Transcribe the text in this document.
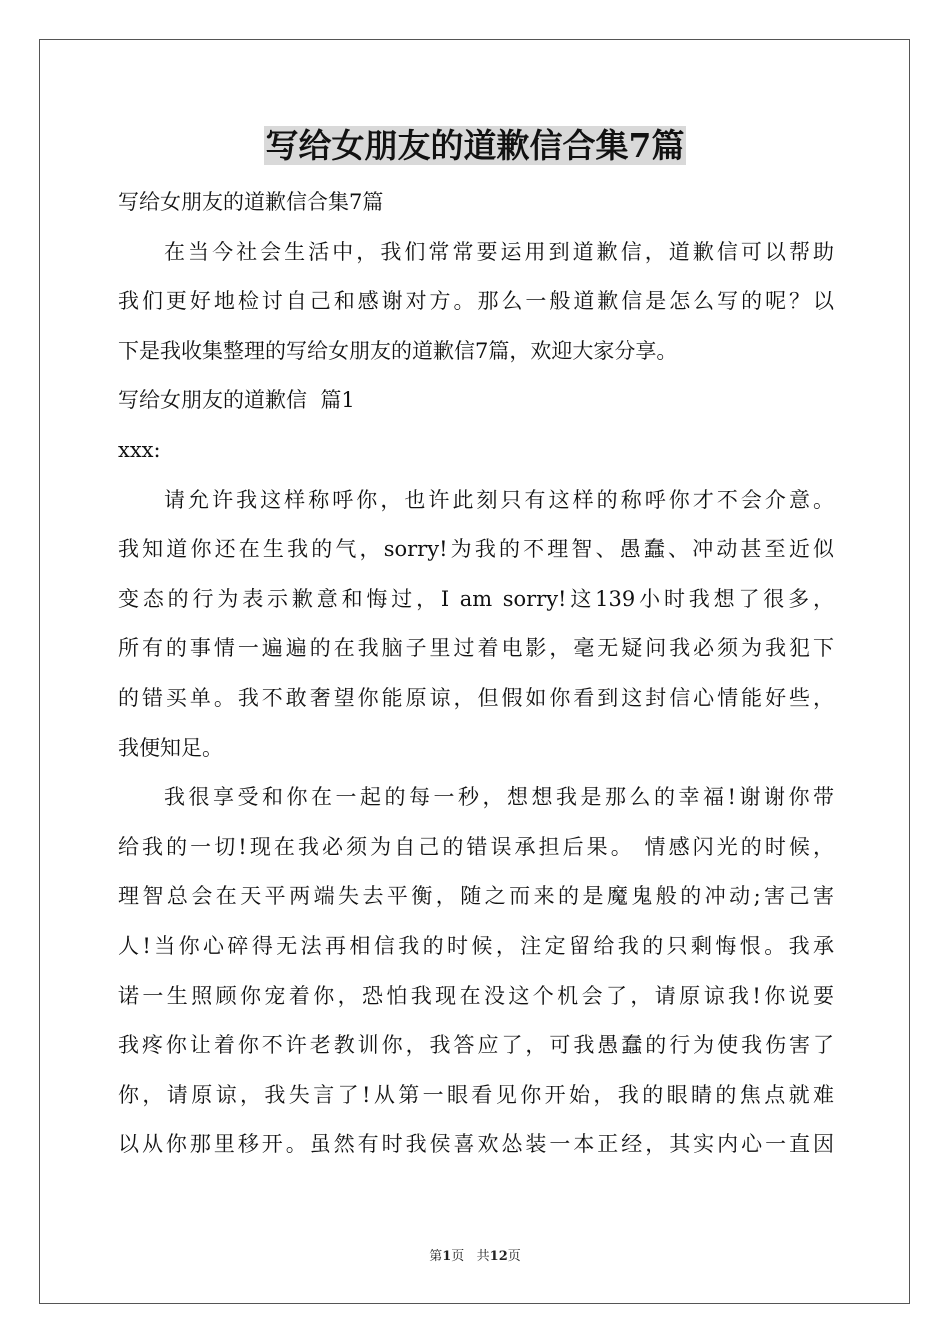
写给女朋友的道歉信合集7篇
写给女朋友的道歉信合集7篇
在当今社会生活中，我们常常要运用到道歉信，道歉信可以帮助
我们更好地检讨自己和感谢对方。那么一般道歉信是怎么写的呢？以
下是我收集整理的写给女朋友的道歉信7篇，欢迎大家分享。
写给女朋友的道歉信  篇1
xxx:
请允许我这样称呼你，也许此刻只有这样的称呼你才不会介意。
我知道你还在生我的气，sorry!为我的不理智、愚蠢、冲动甚至近似
变态的行为表示歉意和悔过，I am sorry!这139小时我想了很多，
所有的事情一遍遍的在我脑子里过着电影，毫无疑问我必须为我犯下
的错买单。我不敢奢望你能原谅，但假如你看到这封信心情能好些，
我便知足。
我很享受和你在一起的每一秒，想想我是那么的幸福!谢谢你带
给我的一切!现在我必须为自己的错误承担后果。 情感闪光的时候，
理智总会在天平两端失去平衡，随之而来的是魔鬼般的冲动;害己害
人!当你心碎得无法再相信我的时候，注定留给我的只剩悔恨。我承
诺一生照顾你宠着你，恐怕我现在没这个机会了，请原谅我!你说要
我疼你让着你不许老教训你，我答应了，可我愚蠢的行为使我伤害了
你，请原谅，我失言了!从第一眼看见你开始，我的眼睛的焦点就难
以从你那里移开。虽然有时我侯喜欢怂装一本正经，其实内心一直因
第1页   共12页
